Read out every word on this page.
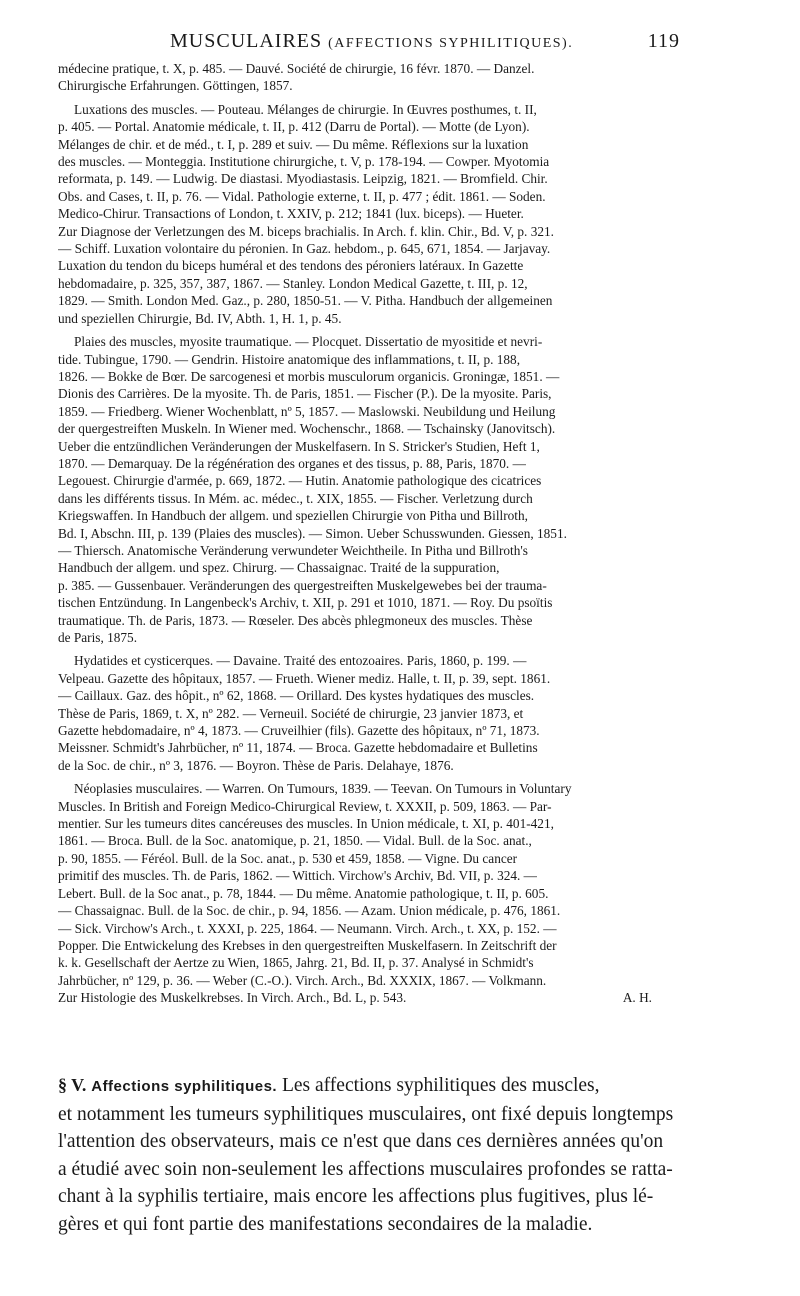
MUSCULAIRES (AFFECTIONS SYPHILITIQUES).	119
médecine pratique, t. X, p. 485. — Dauvé. Société de chirurgie, 16 févr. 1870. — Danzel.
Chirurgische Erfahrungen. Göttingen, 1857.
Luxations des muscles. — Pouteau. Mélanges de chirurgie. In Œuvres posthumes, t. II,
p. 405. — Portal. Anatomie médicale, t. II, p. 412 (Darru de Portal). — Motte (de Lyon).
Mélanges de chir. et de méd., t. I, p. 289 et suiv. — Du même. Réflexions sur la luxation
des muscles. — Monteggia. Institutione chirurgiche, t. V, p. 178-194. — Cowper. Myotomia
reformata, p. 149. — Ludwig. De diastasi. Myodiastasis. Leipzig, 1821. — Bromfield. Chir.
Obs. and Cases, t. II, p. 76. — Vidal. Pathologie externe, t. II, p. 477 ; édit. 1861. — Soden.
Medico-Chirur. Transactions of London, t. XXIV, p. 212; 1841 (lux. biceps). — Hueter.
Zur Diagnose der Verletzungen des M. biceps brachialis. In Arch. f. klin. Chir., Bd. V, p. 321.
— Schiff. Luxation volontaire du péronien. In Gaz. hebdom., p. 645, 671, 1854. — Jarjavay.
Luxation du tendon du biceps huméral et des tendons des péroniers latéraux. In Gazette
hebdomadaire, p. 325, 357, 387, 1867. — Stanley. London Medical Gazette, t. III, p. 12,
1829. — Smith. London Med. Gaz., p. 280, 1850-51. — V. Pitha. Handbuch der allgemeinen
und speziellen Chirurgie, Bd. IV, Abth. 1, H. 1, p. 45.
Plaies des muscles, myosite traumatique. — Plocquet. Dissertatio de myositide et nevri-
tide. Tubingue, 1790. — Gendrin. Histoire anatomique des inflammations, t. II, p. 188,
1826. — Bokke de Bœr. De sarcogenesi et morbis musculorum organicis. Groningæ, 1851. —
Dionis des Carrières. De la myosite. Th. de Paris, 1851. — Fischer (P.). De la myosite. Paris,
1859. — Friedberg. Wiener Wochenblatt, nº 5, 1857. — Maslowski. Neubildung und Heilung
der quergestreiften Muskeln. In Wiener med. Wochenschr., 1868. — Tschainsky (Janovitsch).
Ueber die entzündlichen Veränderungen der Muskelfasern. In S. Stricker's Studien, Heft 1,
1870. — Demarquay. De la régénération des organes et des tissus, p. 88, Paris, 1870. —
Legouest. Chirurgie d'armée, p. 669, 1872. — Hutin. Anatomie pathologique des cicatrices
dans les différents tissus. In Mém. ac. médec., t. XIX, 1855. — Fischer. Verletzung durch
Kriegswaffen. In Handbuch der allgem. und speziellen Chirurgie von Pitha und Billroth,
Bd. I, Abschn. III, p. 139 (Plaies des muscles). — Simon. Ueber Schusswunden. Giessen, 1851.
— Thiersch. Anatomische Veränderung verwundeter Weichtheile. In Pitha und Billroth's
Handbuch der allgem. und spez. Chirurg. — Chassaignac. Traité de la suppuration,
p. 385. — Gussenbauer. Veränderungen des quergestreiften Muskelgewebes bei der trauma-
tischen Entzündung. In Langenbeck's Archiv, t. XII, p. 291 et 1010, 1871. — Roy. Du psoïtis
traumatique. Th. de Paris, 1873. — Rœseler. Des abcès phlegmoneux des muscles. Thèse
de Paris, 1875.
Hydatides et cysticerques. — Davaine. Traité des entozoaires. Paris, 1860, p. 199. —
Velpeau. Gazette des hôpitaux, 1857. — Frueth. Wiener mediz. Halle, t. II, p. 39, sept. 1861.
— Caillaux. Gaz. des hôpit., nº 62, 1868. — Orillard. Des kystes hydatiques des muscles.
Thèse de Paris, 1869, t. X, nº 282. — Verneuil. Société de chirurgie, 23 janvier 1873, et
Gazette hebdomadaire, nº 4, 1873. — Cruveilhier (fils). Gazette des hôpitaux, nº 71, 1873.
Meissner. Schmidt's Jahrbücher, nº 11, 1874. — Broca. Gazette hebdomadaire et Bulletins
de la Soc. de chir., nº 3, 1876. — Boyron. Thèse de Paris. Delahaye, 1876.
Néoplasies musculaires. — Warren. On Tumours, 1839. — Teevan. On Tumours in Voluntary
Muscles. In British and Foreign Medico-Chirurgical Review, t. XXXII, p. 509, 1863. — Par-
mentier. Sur les tumeurs dites cancéreuses des muscles. In Union médicale, t. XI, p. 401-421,
1861. — Broca. Bull. de la Soc. anatomique, p. 21, 1850. — Vidal. Bull. de la Soc. anat.,
p. 90, 1855. — Féréol. Bull. de la Soc. anat., p. 530 et 459, 1858. — Vigne. Du cancer
primitif des muscles. Th. de Paris, 1862. — Wittich. Virchow's Archiv, Bd. VII, p. 324. —
Lebert. Bull. de la Soc anat., p. 78, 1844. — Du même. Anatomie pathologique, t. II, p. 605.
— Chassaignac. Bull. de la Soc. de chir., p. 94, 1856. — Azam. Union médicale, p. 476, 1861.
— Sick. Virchow's Arch., t. XXXI, p. 225, 1864. — Neumann. Virch. Arch., t. XX, p. 152. —
Popper. Die Entwickelung des Krebses in den quergestreiften Muskelfasern. In Zeitschrift der
k. k. Gesellschaft der Aertze zu Wien, 1865, Jahrg. 21, Bd. II, p. 37. Analysé in Schmidt's
Jahrbücher, nº 129, p. 36. — Weber (C.-O.). Virch. Arch., Bd. XXXIX, 1867. — Volkmann.
Zur Histologie des Muskelkrebses. In Virch. Arch., Bd. L, p. 543.	A. H.
§ V. Affections syphilitiques. Les affections syphilitiques des muscles,
et notamment les tumeurs syphilitiques musculaires, ont fixé depuis longtemps
l'attention des observateurs, mais ce n'est que dans ces dernières années qu'on
a étudié avec soin non-seulement les affections musculaires profondes se ratta-
chant à la syphilis tertiaire, mais encore les affections plus fugitives, plus lé-
gères et qui font partie des manifestations secondaires de la maladie.
